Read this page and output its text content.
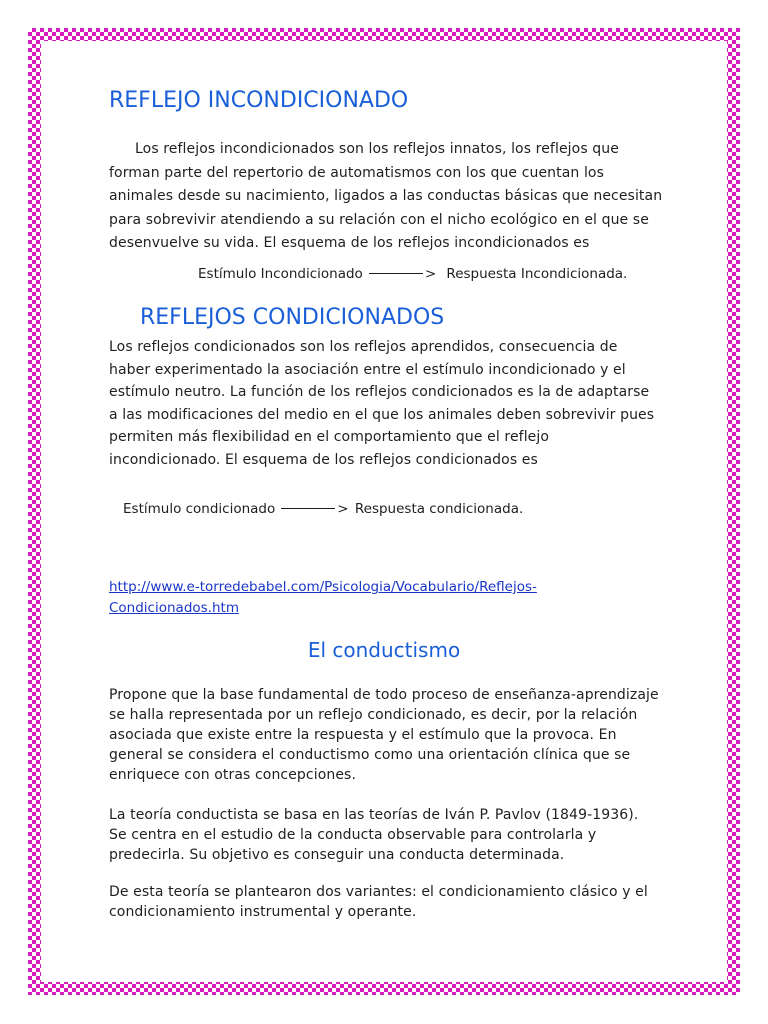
REFLEJO INCONDICIONADO
Los reflejos incondicionados son los reflejos innatos, los reflejos que
forman parte del repertorio de automatismos con los que cuentan los
animales desde su nacimiento, ligados a las conductas básicas que necesitan
para sobrevivir atendiendo a su relación con el nicho ecológico en el que se
desenvuelve su vida. El esquema de los reflejos incondicionados es
Estímulo Incondicionado	> Respuesta Incondicionada.
REFLEJOS CONDICIONADOS
Los reflejos condicionados son los reflejos aprendidos, consecuencia de
haber experimentado la asociación entre el estímulo incondicionado y el
estímulo neutro. La función de los reflejos condicionados es la de adaptarse
a las modificaciones del medio en el que los animales deben sobrevivir pues
permiten más flexibilidad en el comportamiento que el reflejo
incondicionado. El esquema de los reflejos condicionados es
Estímulo condicionado	> Respuesta condicionada.
http://www.e-torredebabel.com/Psicologia/Vocabulario/Reflejos-
Condicionados.htm
El conductismo
Propone que la base fundamental de todo proceso de enseñanza-aprendizaje
se halla representada por un reflejo condicionado, es decir, por la relación
asociada que existe entre la respuesta y el estímulo que la provoca. En
general se considera el conductismo como una orientación clínica que se
enriquece con otras concepciones.
La teoría conductista se basa en las teorías de Iván P. Pavlov (1849-1936).
Se centra en el estudio de la conducta observable para controlarla y
predecirla. Su objetivo es conseguir una conducta determinada.
De esta teoría se plantearon dos variantes: el condicionamiento clásico y el
condicionamiento instrumental y operante.
